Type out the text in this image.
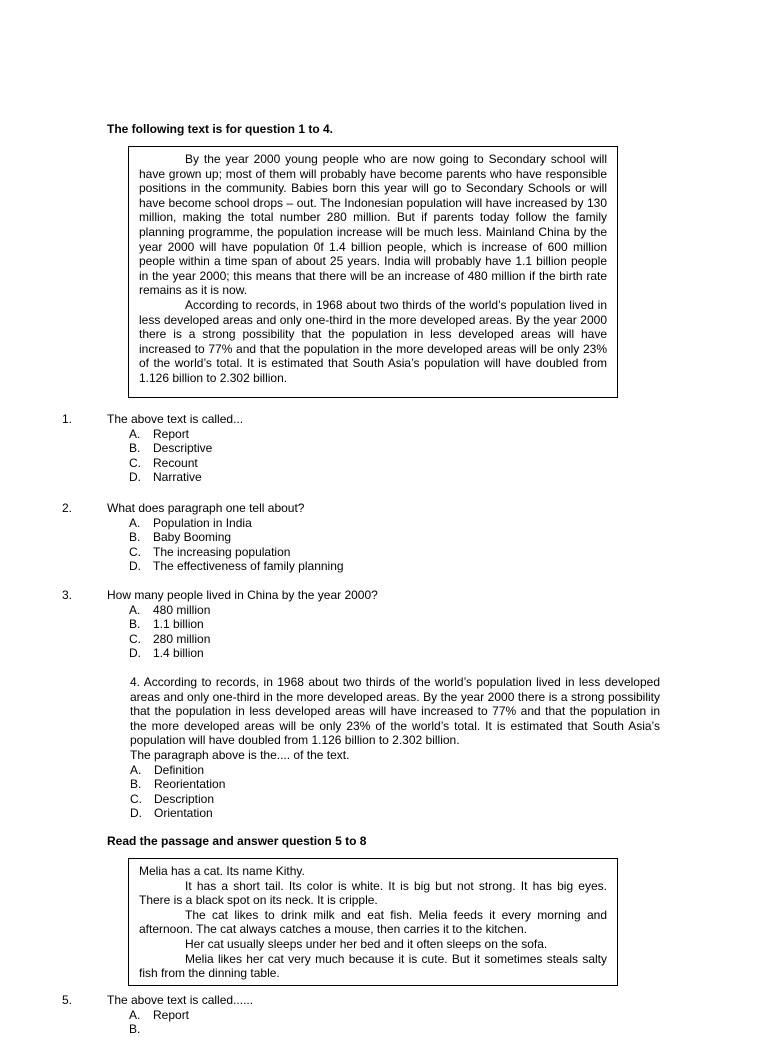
The following text is for question 1 to 4.

By the year 2000 young people who are now going to Secondary school will have grown up; most of them will probably have become parents who have responsible positions in the community. Babies born this year will go to Secondary Schools or will have become school drops – out. The Indonesian population will have increased by 130 million, making the total number 280 million. But if parents today follow the family planning programme, the population increase will be much less. Mainland China by the year 2000 will have population 0f 1.4 billion people, which is increase of 600 million people within a time span of about 25 years. India will probably have 1.1 billion people in the year 2000; this means that there will be an increase of 480 million if the birth rate remains as it is now.

According to records, in 1968 about two thirds of the world’s population lived in less developed areas and only one-third in the more developed areas. By the year 2000 there is a strong possibility that the population in less developed areas will have increased to 77% and that the population in the more developed areas will be only 23% of the world’s total. It is estimated that South Asia’s population will have doubled from 1.126 billion to 2.302 billion.

1.	The above text is called...
A. Report
B. Descriptive
C. Recount
D. Narrative
2.	What does paragraph one tell about?
A. Population in India
B. Baby Booming
C. The increasing population
D. The effectiveness of family planning
3.	How many people lived in China by the year 2000?
A. 480 million
B. 1.1 billion
C. 280 million
D. 1.4 billion

4. According to records, in 1968 about two thirds of the world’s population lived in less developed areas and only one-third in the more developed areas. By the year 2000 there is a strong possibility that the population in less developed areas will have increased to 77% and that the population in the more developed areas will be only 23% of the world’s total. It is estimated that South Asia’s population will have doubled from 1.126 billion to 2.302 billion.

The paragraph above is the.... of the text.

A. Definition
B. Reorientation
C. Description
D. Orientation
Read the passage and answer question 5 to 8

Melia has a cat. Its name Kithy.

It has a short tail. Its color is white. It is big but not strong. It has big eyes. There is a black spot on its neck. It is cripple.

The cat likes to drink milk and eat fish. Melia feeds it every morning and afternoon. The cat always catches a mouse, then carries it to the kitchen.

Her cat usually sleeps under her bed and it often sleeps on the sofa.

Melia likes her cat very much because it is cute. But it sometimes steals salty fish from the dinning table.

5.	The above text is called......
A. Report
B.
